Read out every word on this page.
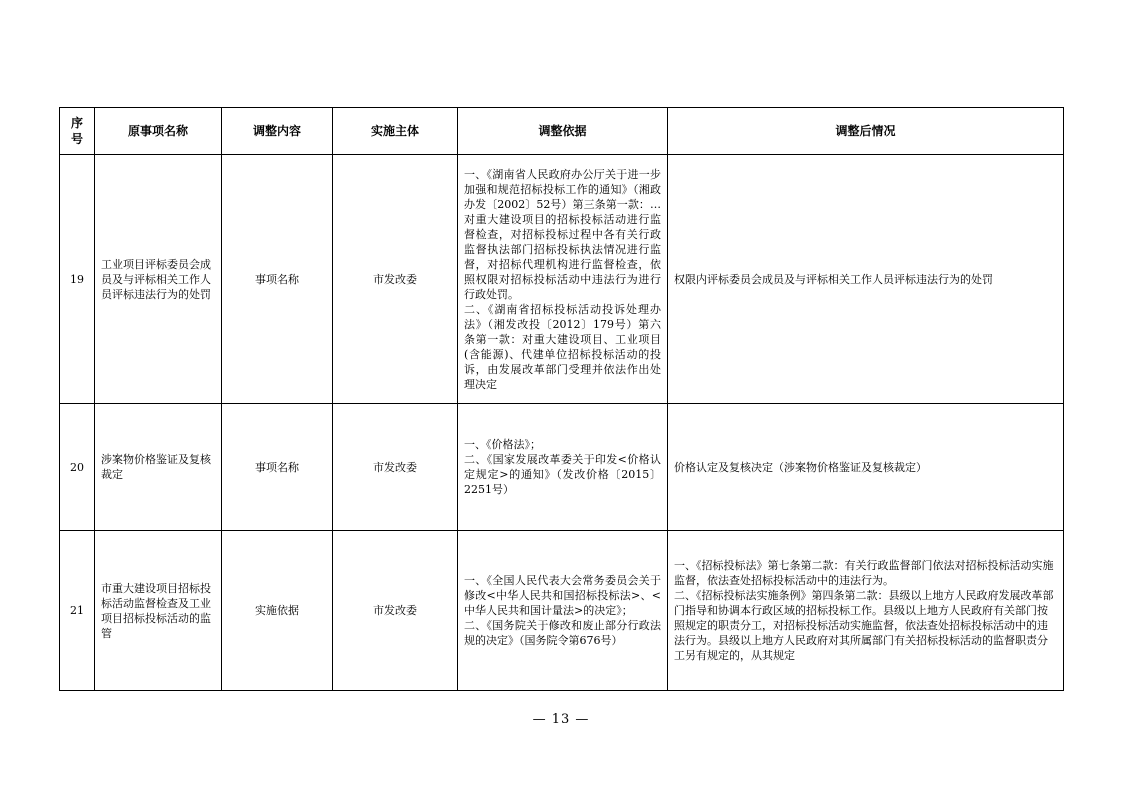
序号	原事项名称	调整内容	实施主体	调整依据	调整后情况
19	工业项目评标委员会成员及与评标相关工作人员评标违法行为的处罚	事项名称	市发改委	一、《湖南省人民政府办公厅关于进一步加强和规范招标投标工作的通知》（湘政办发〔2002〕52号）第三条第一款：…对重大建设项目的招标投标活动进行监督检查，对招标投标过程中各有关行政监督执法部门招标投标执法情况进行监督，对招标代理机构进行监督检查，依照权限对招标投标活动中违法行为进行行政处罚。
二、《湖南省招标投标活动投诉处理办法》（湘发改投〔2012〕179号）第六条第一款：对重大建设项目、工业项目(含能源)、代建单位招标投标活动的投诉，由发展改革部门受理并依法作出处理决定	权限内评标委员会成员及与评标相关工作人员评标违法行为的处罚

20	涉案物价格鉴证及复核裁定	事项名称	市发改委	一、《价格法》；
二、《国家发展改革委关于印发<价格认定规定>的通知》（发改价格〔2015〕2251号）	价格认定及复核决定（涉案物价格鉴证及复核裁定）

21	市重大建设项目招标投标活动监督检查及工业项目招标投标活动的监管	实施依据	市发改委	一、《全国人民代表大会常务委员会关于修改<中华人民共和国招标投标法>、<中华人民共和国计量法>的决定》；
二、《国务院关于修改和废止部分行政法规的决定》（国务院令第676号）	一、《招标投标法》第七条第二款：有关行政监督部门依法对招标投标活动实施监督，依法查处招标投标活动中的违法行为。
二、《招标投标法实施条例》第四条第二款：县级以上地方人民政府发展改革部门指导和协调本行政区域的招标投标工作。县级以上地方人民政府有关部门按照规定的职责分工，对招标投标活动实施监督，依法查处招标投标活动中的违法行为。县级以上地方人民政府对其所属部门有关招标投标活动的监督职责分工另有规定的，从其规定
— 13 —
